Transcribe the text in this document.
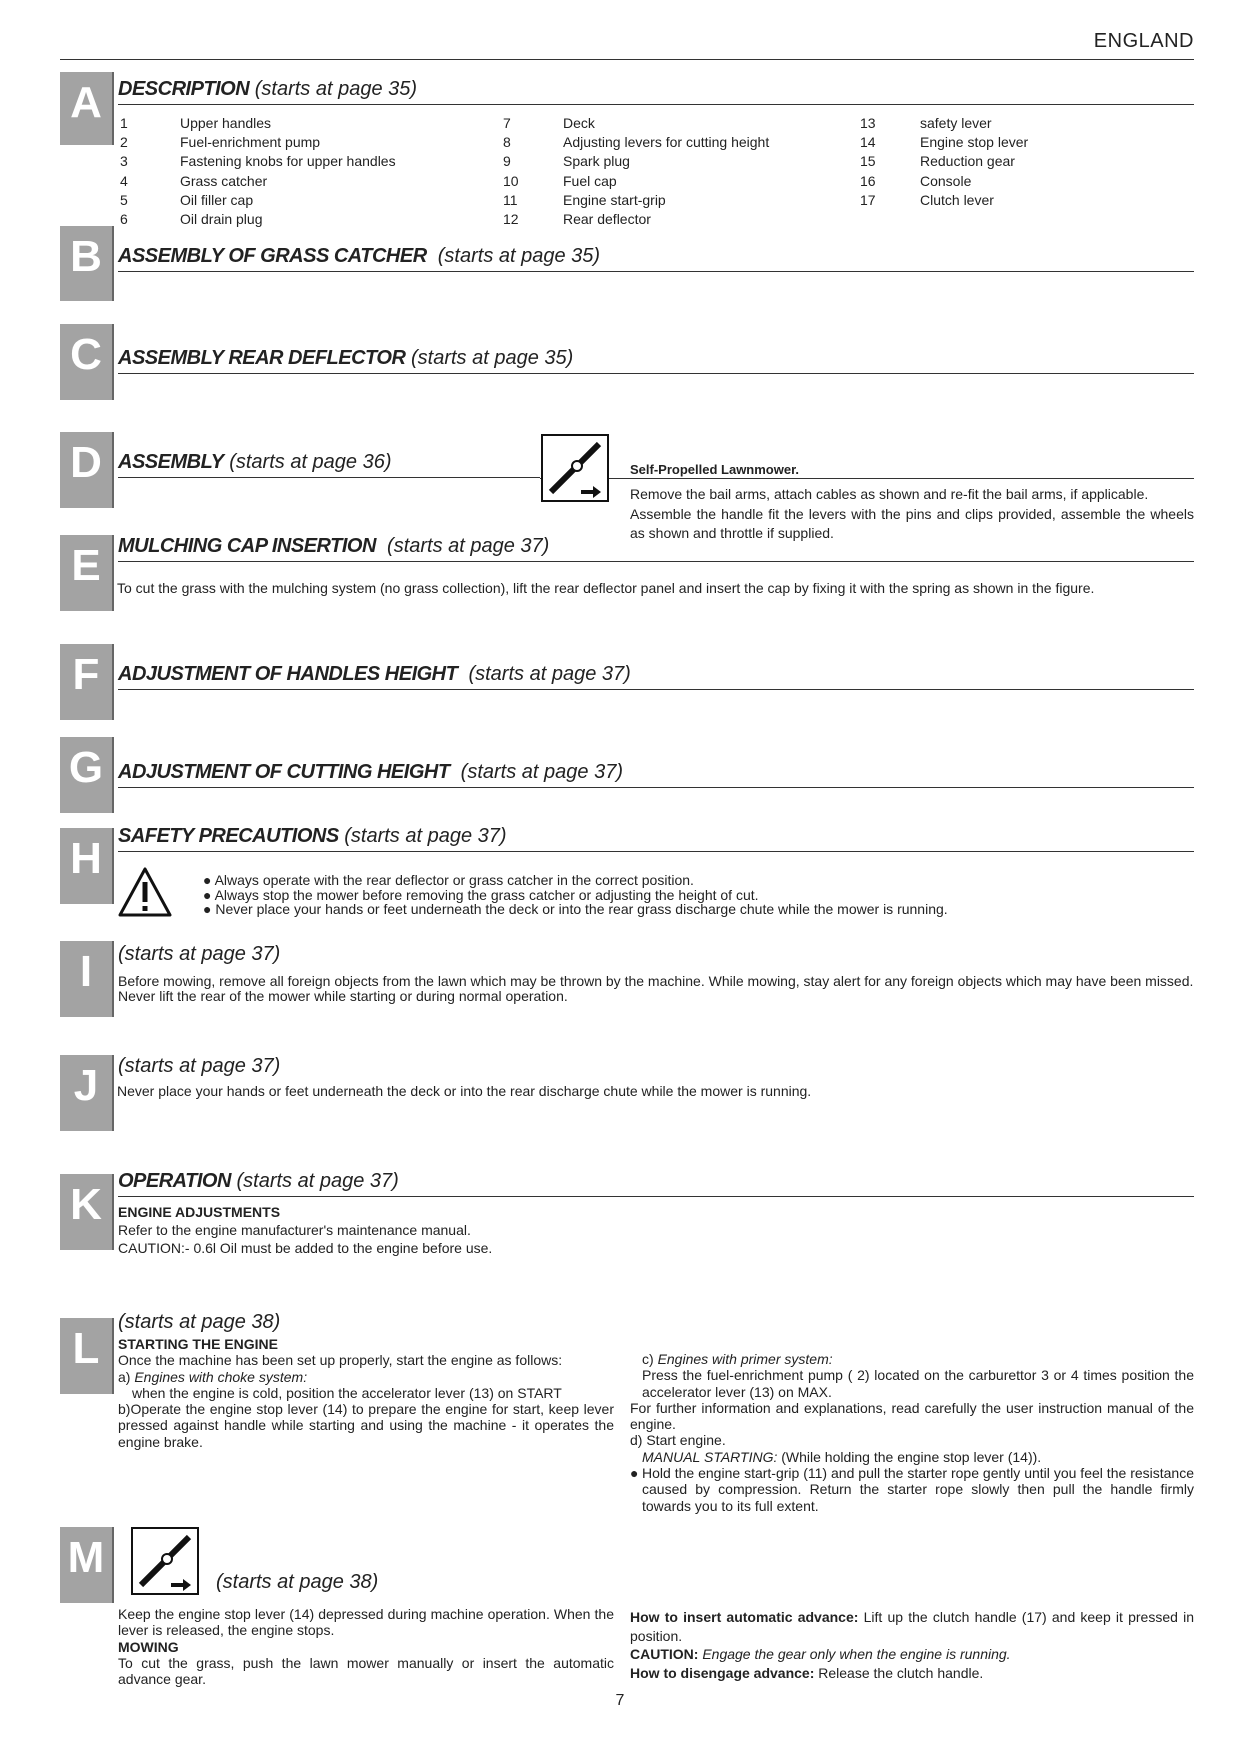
ENGLAND
A DESCRIPTION (starts at page 35)
1	Upper handles
2	Fuel-enrichment pump
3	Fastening knobs for upper handles
4	Grass catcher
5	Oil filler cap
6	Oil drain plug
7	Deck
8	Adjusting levers for cutting height
9	Spark plug
10	Fuel cap
11	Engine start-grip
12	Rear deflector
13	safety lever
14	Engine stop lever
15	Reduction gear
16	Console
17	Clutch lever
B ASSEMBLY OF GRASS CATCHER (starts at page 35)
C ASSEMBLY REAR DEFLECTOR (starts at page 35)
D ASSEMBLY (starts at page 36)	Self-Propelled Lawnmower.
Remove the bail arms, attach cables as shown and re-fit the bail arms, if applicable.
Assemble the handle fit the levers with the pins and clips provided, assemble the wheels as shown and throttle if supplied.
E MULCHING CAP INSERTION (starts at page 37)
To cut the grass with the mulching system (no grass collection), lift the rear deflector panel and insert the cap by fixing it with the spring as shown in the figure.
F ADJUSTMENT OF HANDLES HEIGHT (starts at page 37)
G ADJUSTMENT OF CUTTING HEIGHT (starts at page 37)
H SAFETY PRECAUTIONS (starts at page 37)
● Always operate with the rear deflector or grass catcher in the correct position.
● Always stop the mower before removing the grass catcher or adjusting the height of cut.
● Never place your hands or feet underneath the deck or into the rear grass discharge chute while the mower is running.
I	(starts at page 37)
Before mowing, remove all foreign objects from the lawn which may be thrown by the machine. While mowing, stay alert for any foreign objects which may have been missed.
Never lift the rear of the mower while starting or during normal operation.
J (starts at page 37)
Never place your hands or feet underneath the deck or into the rear discharge chute while the mower is running.
K OPERATION (starts at page 37)
ENGINE ADJUSTMENTS
Refer to the engine manufacturer's maintenance manual.
CAUTION:- 0.6l Oil must be added to the engine before use.
L
(starts at page 38)
STARTING THE ENGINE
Once the machine has been set up properly, start the engine as follows:
a) Engines with choke system:
when the engine is cold, position the accelerator lever (13) on START
b)Operate the engine stop lever (14) to prepare the engine for start, keep lever pressed against handle while starting and using the machine - it operates the engine brake.
c) Engines with primer system:
Press the fuel-enrichment pump ( 2) located on the carburettor 3 or 4 times position the accelerator lever (13) on MAX.
For further information and explanations, read carefully the user instruction manual of the engine.
d) Start engine.
MANUAL STARTING: (While holding the engine stop lever (14)).
● Hold the engine start-grip (11) and pull the starter rope gently until you feel the resistance caused by compression. Return the starter rope slowly then pull the handle firmly towards you to its full extent.
M	(starts at page 38)
Keep the engine stop lever (14) depressed during machine operation. When the lever is released, the engine stops.
MOWING
To cut the grass, push the lawn mower manually or insert the automatic advance gear.
How to insert automatic advance: Lift up the clutch handle (17) and keep it pressed in position.
CAUTION: Engage the gear only when the engine is running.
How to disengage advance: Release the clutch handle.
7
